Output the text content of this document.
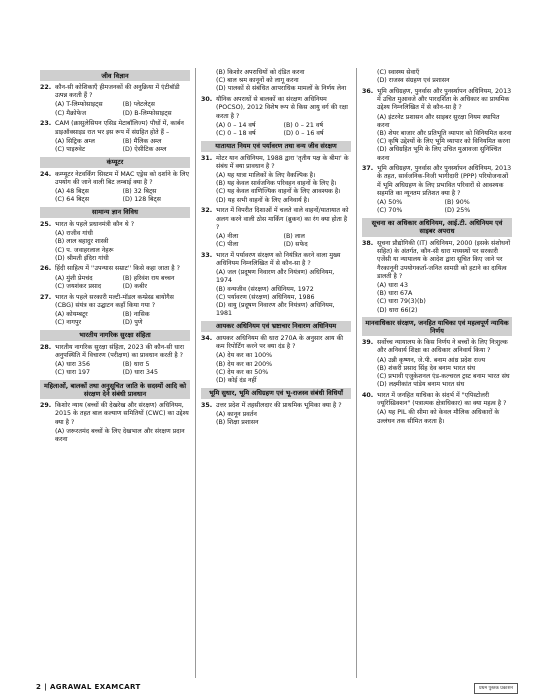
जीव विज्ञान
22. कौन-सी कोशिकाएँ हीमजनकों की अनुक्रिया में एंटीबॉडी उत्पन्न करती हैं ?
(A) T-लिम्फोसाइट्स	(B) प्लेटलेट्स
(C) मैक्रोफेज	(D) B-लिम्फोसाइट्स
23. CAM (क्रासुलेसियन एसिड मेटाबॉलिज्म) पौधों में, कार्बन डाइऑक्साइड रात भर इस रूप में संग्रहित होते हैं –
(A) सिट्रिक अम्ल	(B) मैलिक अम्ल
(C) पाइरुवेट	(D) ऐसीटिक अम्ल
कंप्यूटर
24. कम्प्यूटर नेटवर्किंग सिस्टम में MAC एड्रेस को दर्शाने के लिए उपयोग की जाने वाली बिट लम्बाई क्या है ?
(A) 48 बिट्स	(B) 32 बिट्स
(C) 64 बिट्स	(D) 128 बिट्स
सामान्य ज्ञान विविध
25. भारत के पहले प्रधानमंत्री कौन थे ?
(A) राजीव गांधी
(B) लाल बहादुर शास्त्री
(C) प. जवाहरलाल नेहरू
(D) श्रीमती इंदिरा गांधी
26. हिंदी साहित्य में ''उपन्यास सम्राट'' किसे कहा जाता है ?
(A) मुंशी प्रेमचंद	(B) हरिवंश राय बच्चन
(C) जयशंकर प्रसाद	(D) कबीर
27. भारत के पहले सरकारी मल्टी-मॉडल कम्प्रेस्ड बायोगैस (CBG) संयंत्र का उद्घाटन कहाँ किया गया ?
(A) कोयम्बटूर	(B) नासिक
(C) नागपुर	(D) पुणे
भारतीय नागरिक सुरक्षा संहिता
28. भारतीय नागरिक सुरक्षा संहिता, 2023 की कौन-सी धारा अनुपस्थिति में विचारण (परीक्षण) का प्रावधान करती है ?
(A) धारा 356	(B) धारा 5
(C) धारा 197	(D) धारा 345
महिलाओं, बालकों तथा अनुसूचित जाति के सदस्यों आदि को संरक्षण देने संबंधी प्रावधान
29. किशोर न्याय (बच्चों की देखरेख और संरक्षण) अधिनियम, 2015 के तहत बाल कल्याण समितियों (CWC) का उद्देश्य क्या है ?
(A) जरूरतमंद बच्चों के लिए देखभाल और संरक्षण प्रदान करना
(B) किशोर अपराधियों को दंडित करना
(C) बाल श्रम कानूनों को लागू करना
(D) पालकों से संबंधित आपराधिक मामलों के निर्णय लेना
30. यौनिक अपराधों से बालकों का संरक्षण अधिनियम (POCSO), 2012 विशेष रूप से किस आयु वर्ग की रक्षा करता है ?
(A) 0 – 14 वर्ष	(B) 0 – 21 वर्ष
(C) 0 – 18 वर्ष	(D) 0 – 16 वर्ष
यातायात नियम एवं पर्यावरण तथा वन्य जीव संरक्षण
31. मोटर यान अधिनियम, 1988 द्वारा 'तृतीय पक्ष के बीमा' के संबंध में क्या प्रावधान है ?
(A) यह यात्रा मालिकों के लिए वैकल्पिक है।
(B) यह केवल सार्वजनिक परिवहन वाहनों के लिए है।
(C) यह केवल वाणिज्यिक वाहनों के लिए आवश्यक है।
(D) यह सभी वाहनों के लिए अनिवार्य है।
32. भारत में विपरीत दिशाओं में चलते वाले वाहनों/यातायात को अलग करने वाली ठोस मार्किंग (ब्रुकन) का रंग क्या होता है ?
(A) नीला	(B) लाल
(C) पीला	(D) सफेद
33. भारत में पर्यावरण संरक्षण को नियंत्रित करने वाला मुख्य अधिनियम निम्नलिखित में से कौन-सा है ?
(A) जल (प्रदूषण निवारण और नियंत्रण) अधिनियम, 1974
(B) वन्यजीव (संरक्षण) अधिनियम, 1972
(C) पर्यावरण (संरक्षण) अधिनियम, 1986
(D) वायु (प्रदूषण निवारण और नियंत्रण) अधिनियम, 1981
आयकर अधिनियम एवं भ्रष्टाचार निवारण अधिनियम
34. आयकर अधिनियम की धारा 270A के अनुसार आय की कम रिपोर्टिंग करने पर क्या दंड है ?
(A) देय कर का 100%
(B) देय कर का 200%
(C) देय कर का 50%
(D) कोई दंड नहीं
भूमि सुधार, भूमि अधिग्रहण एवं भू-राजस्व संबंधी विधियाँ
35. उत्तर प्रदेश में तहसीलदार की प्राथमिक भूमिका क्या है ?
(A) कानून प्रवर्तन
(B) शिक्षा प्रशासन
(C) स्वास्थ्य सेवाएँ
(D) राजस्व संग्रहण एवं प्रशासन
36. भूमि अधिग्रहण, पुनर्वास और पुनर्स्थापन अधिनियम, 2013 में उचित मुआवजे और पारदर्शिता के अधिकार का प्राथमिक उद्देश्य निम्नलिखित में से कौन-सा है ?
(A) इंटरनेट प्रशासन और साइबर सुरक्षा नियम स्थापित करना
(B) शेयर बाजार और प्रतिभूति व्यापार को विनियमित करना
(C) कृषि उद्देश्यों के लिए भूमि व्यापार को विनियमित करना
(D) अधिग्रहित भूमि के लिए उचित मुआवजा सुनिश्चित करना
37. भूमि अधिग्रहण, पुनर्वास और पुनर्स्थापन अधिनियम, 2013 के तहत, सार्वजनिक-निजी भागीदारी (PPP) परियोजनाओं में भूमि अधिग्रहण के लिए प्रभावित परिवारों से आवश्यक सहमति का न्यूनतम प्रतिशत क्या है ?
(A) 50%	(B) 90%
(C) 70%	(D) 25%
सूचना का अधिकार अधिनियम, आई.टी. अधिनियम एवं साइबर अपराध
38. सूचना प्रौद्योगिकी (IT) अधिनियम, 2000 (इसके संशोधनों सहित) के अंतर्गत, कौन-सी धारा मध्यस्थों पर सरकारी एजेंसी या न्यायालय के आदेश द्वारा सूचित किए जाने पर गैरकानूनी उपयोगकर्ता-जनित सामग्री को हटाने का दायित्व डालती है ?
(A) धारा 43
(B) धारा 67A
(C) धारा 79(3)(b)
(D) धारा 66(2)
मानवाधिकार संरक्षण, जनहित याचिका एवं महत्वपूर्ण न्यायिक निर्णय
39. सर्वोच्च न्यायालय के किस निर्णय ने बच्चों के लिए निःशुल्क और अनिवार्य शिक्षा का अधिकार अनिवार्य किया ?
(A) उन्नी कृष्णन, जे.पी. बनाम आंध्र प्रदेश राज्य
(B) शंकरी प्रसाद सिंह देव बनाम भारत संघ
(C) प्रभावी एजुकेशनल एंड-कल्चरल ट्रस्ट बनाम भारत संघ
(D) लक्ष्मीकांत पांडेय बनाम भारत संघ
40. भारत में जनहित याचिका के संदर्भ में "एपिस्टोलरी ज्यूरिस्डिक्शन" (पत्रात्मक क्षेत्राधिकार) का क्या महत्व है ?
(A) यह PIL की सीमा को केवल मौलिक अधिकारों के उल्लंघन तक सीमित करता है।
2 | AGRAWAL EXAMCART	प्रथम पुस्तक प्रकाशन
